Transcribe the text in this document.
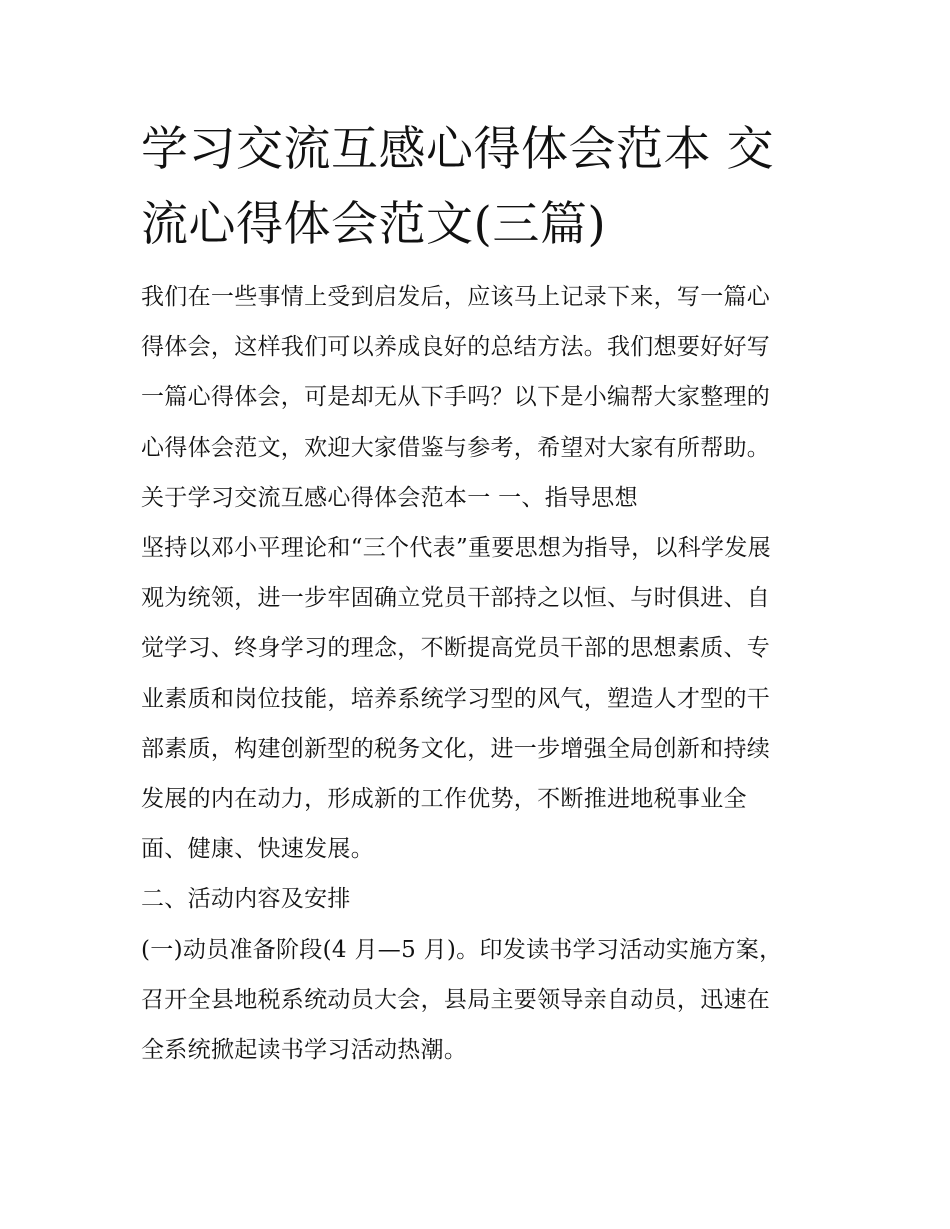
学习交流互感心得体会范本 交
流心得体会范文(三篇)

我们在一些事情上受到启发后，应该马上记录下来，写一篇心
得体会，这样我们可以养成良好的总结方法。我们想要好好写
一篇心得体会，可是却无从下手吗？以下是小编帮大家整理的
心得体会范文，欢迎大家借鉴与参考，希望对大家有所帮助。

关于学习交流互感心得体会范本一 一、指导思想

坚持以邓小平理论和“三个代表”重要思想为指导，以科学发展
观为统领，进一步牢固确立党员干部持之以恒、与时俱进、自
觉学习、终身学习的理念，不断提高党员干部的思想素质、专
业素质和岗位技能，培养系统学习型的风气，塑造人才型的干
部素质，构建创新型的税务文化，进一步增强全局创新和持续
发展的内在动力，形成新的工作优势，不断推进地税事业全
面、健康、快速发展。

二、活动内容及安排

(一)动员准备阶段(4 月—5 月)。印发读书学习活动实施方案，
召开全县地税系统动员大会，县局主要领导亲自动员，迅速在
全系统掀起读书学习活动热潮。
